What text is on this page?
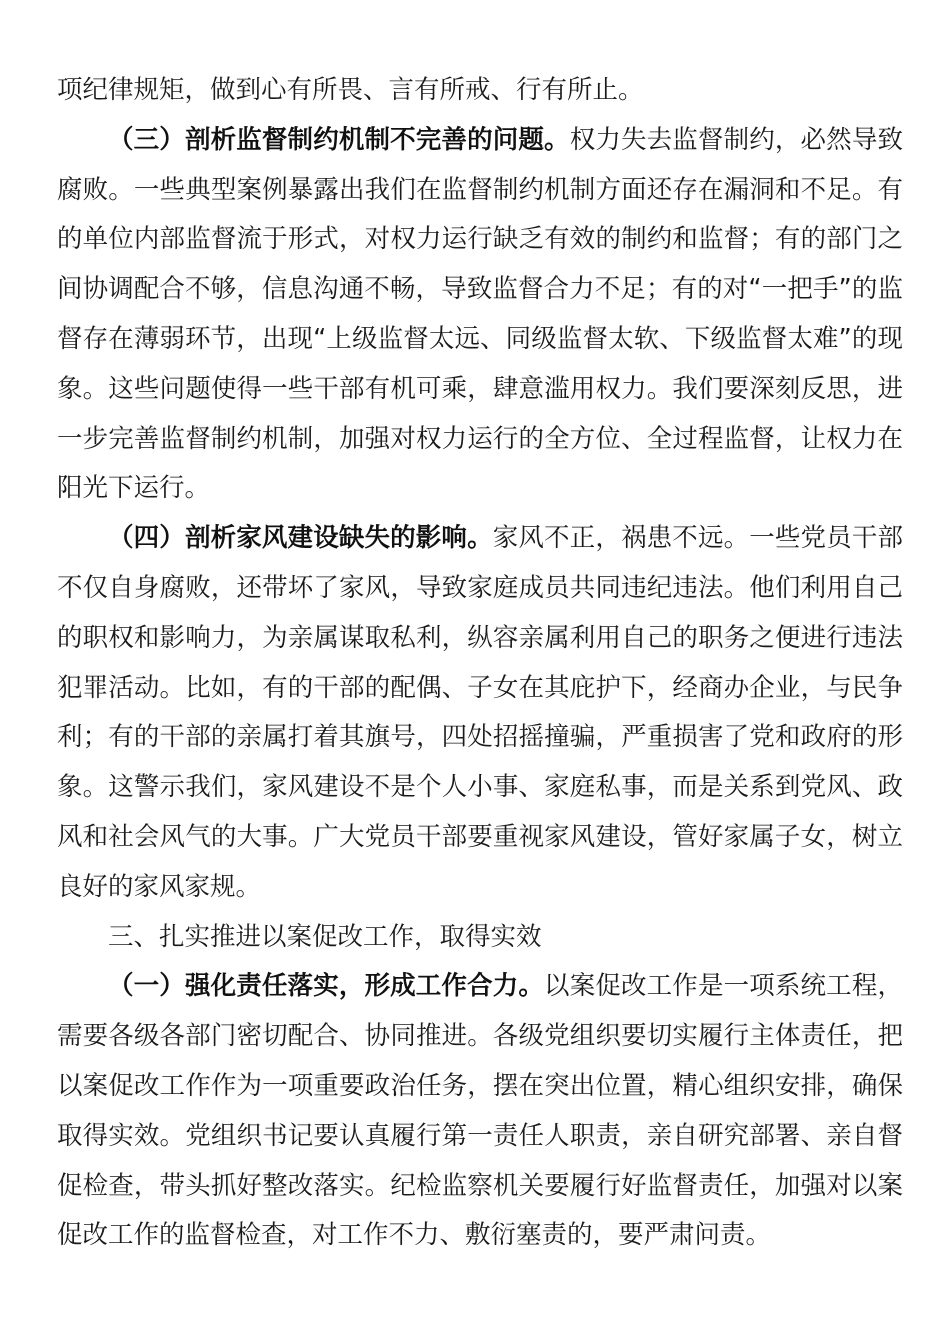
项纪律规矩，做到心有所畏、言有所戒、行有所止。

（三）剖析监督制约机制不完善的问题。权力失去监督制约，必然导致腐败。一些典型案例暴露出我们在监督制约机制方面还存在漏洞和不足。有的单位内部监督流于形式，对权力运行缺乏有效的制约和监督；有的部门之间协调配合不够，信息沟通不畅，导致监督合力不足；有的对“一把手”的监督存在薄弱环节，出现“上级监督太远、同级监督太软、下级监督太难”的现象。这些问题使得一些干部有机可乘，肆意滥用权力。我们要深刻反思，进一步完善监督制约机制，加强对权力运行的全方位、全过程监督，让权力在阳光下运行。

（四）剖析家风建设缺失的影响。家风不正，祸患不远。一些党员干部不仅自身腐败，还带坏了家风，导致家庭成员共同违纪违法。他们利用自己的职权和影响力，为亲属谋取私利，纵容亲属利用自己的职务之便进行违法犯罪活动。比如，有的干部的配偶、子女在其庇护下，经商办企业，与民争利；有的干部的亲属打着其旗号，四处招摇撞骗，严重损害了党和政府的形象。这警示我们，家风建设不是个人小事、家庭私事，而是关系到党风、政风和社会风气的大事。广大党员干部要重视家风建设，管好家属子女，树立良好的家风家规。

三、扎实推进以案促改工作，取得实效

（一）强化责任落实，形成工作合力。以案促改工作是一项系统工程，需要各级各部门密切配合、协同推进。各级党组织要切实履行主体责任，把以案促改工作作为一项重要政治任务，摆在突出位置，精心组织安排，确保取得实效。党组织书记要认真履行第一责任人职责，亲自研究部署、亲自督促检查，带头抓好整改落实。纪检监察机关要履行好监督责任，加强对以案促改工作的监督检查，对工作不力、敷衍塞责的，要严肃问责。
